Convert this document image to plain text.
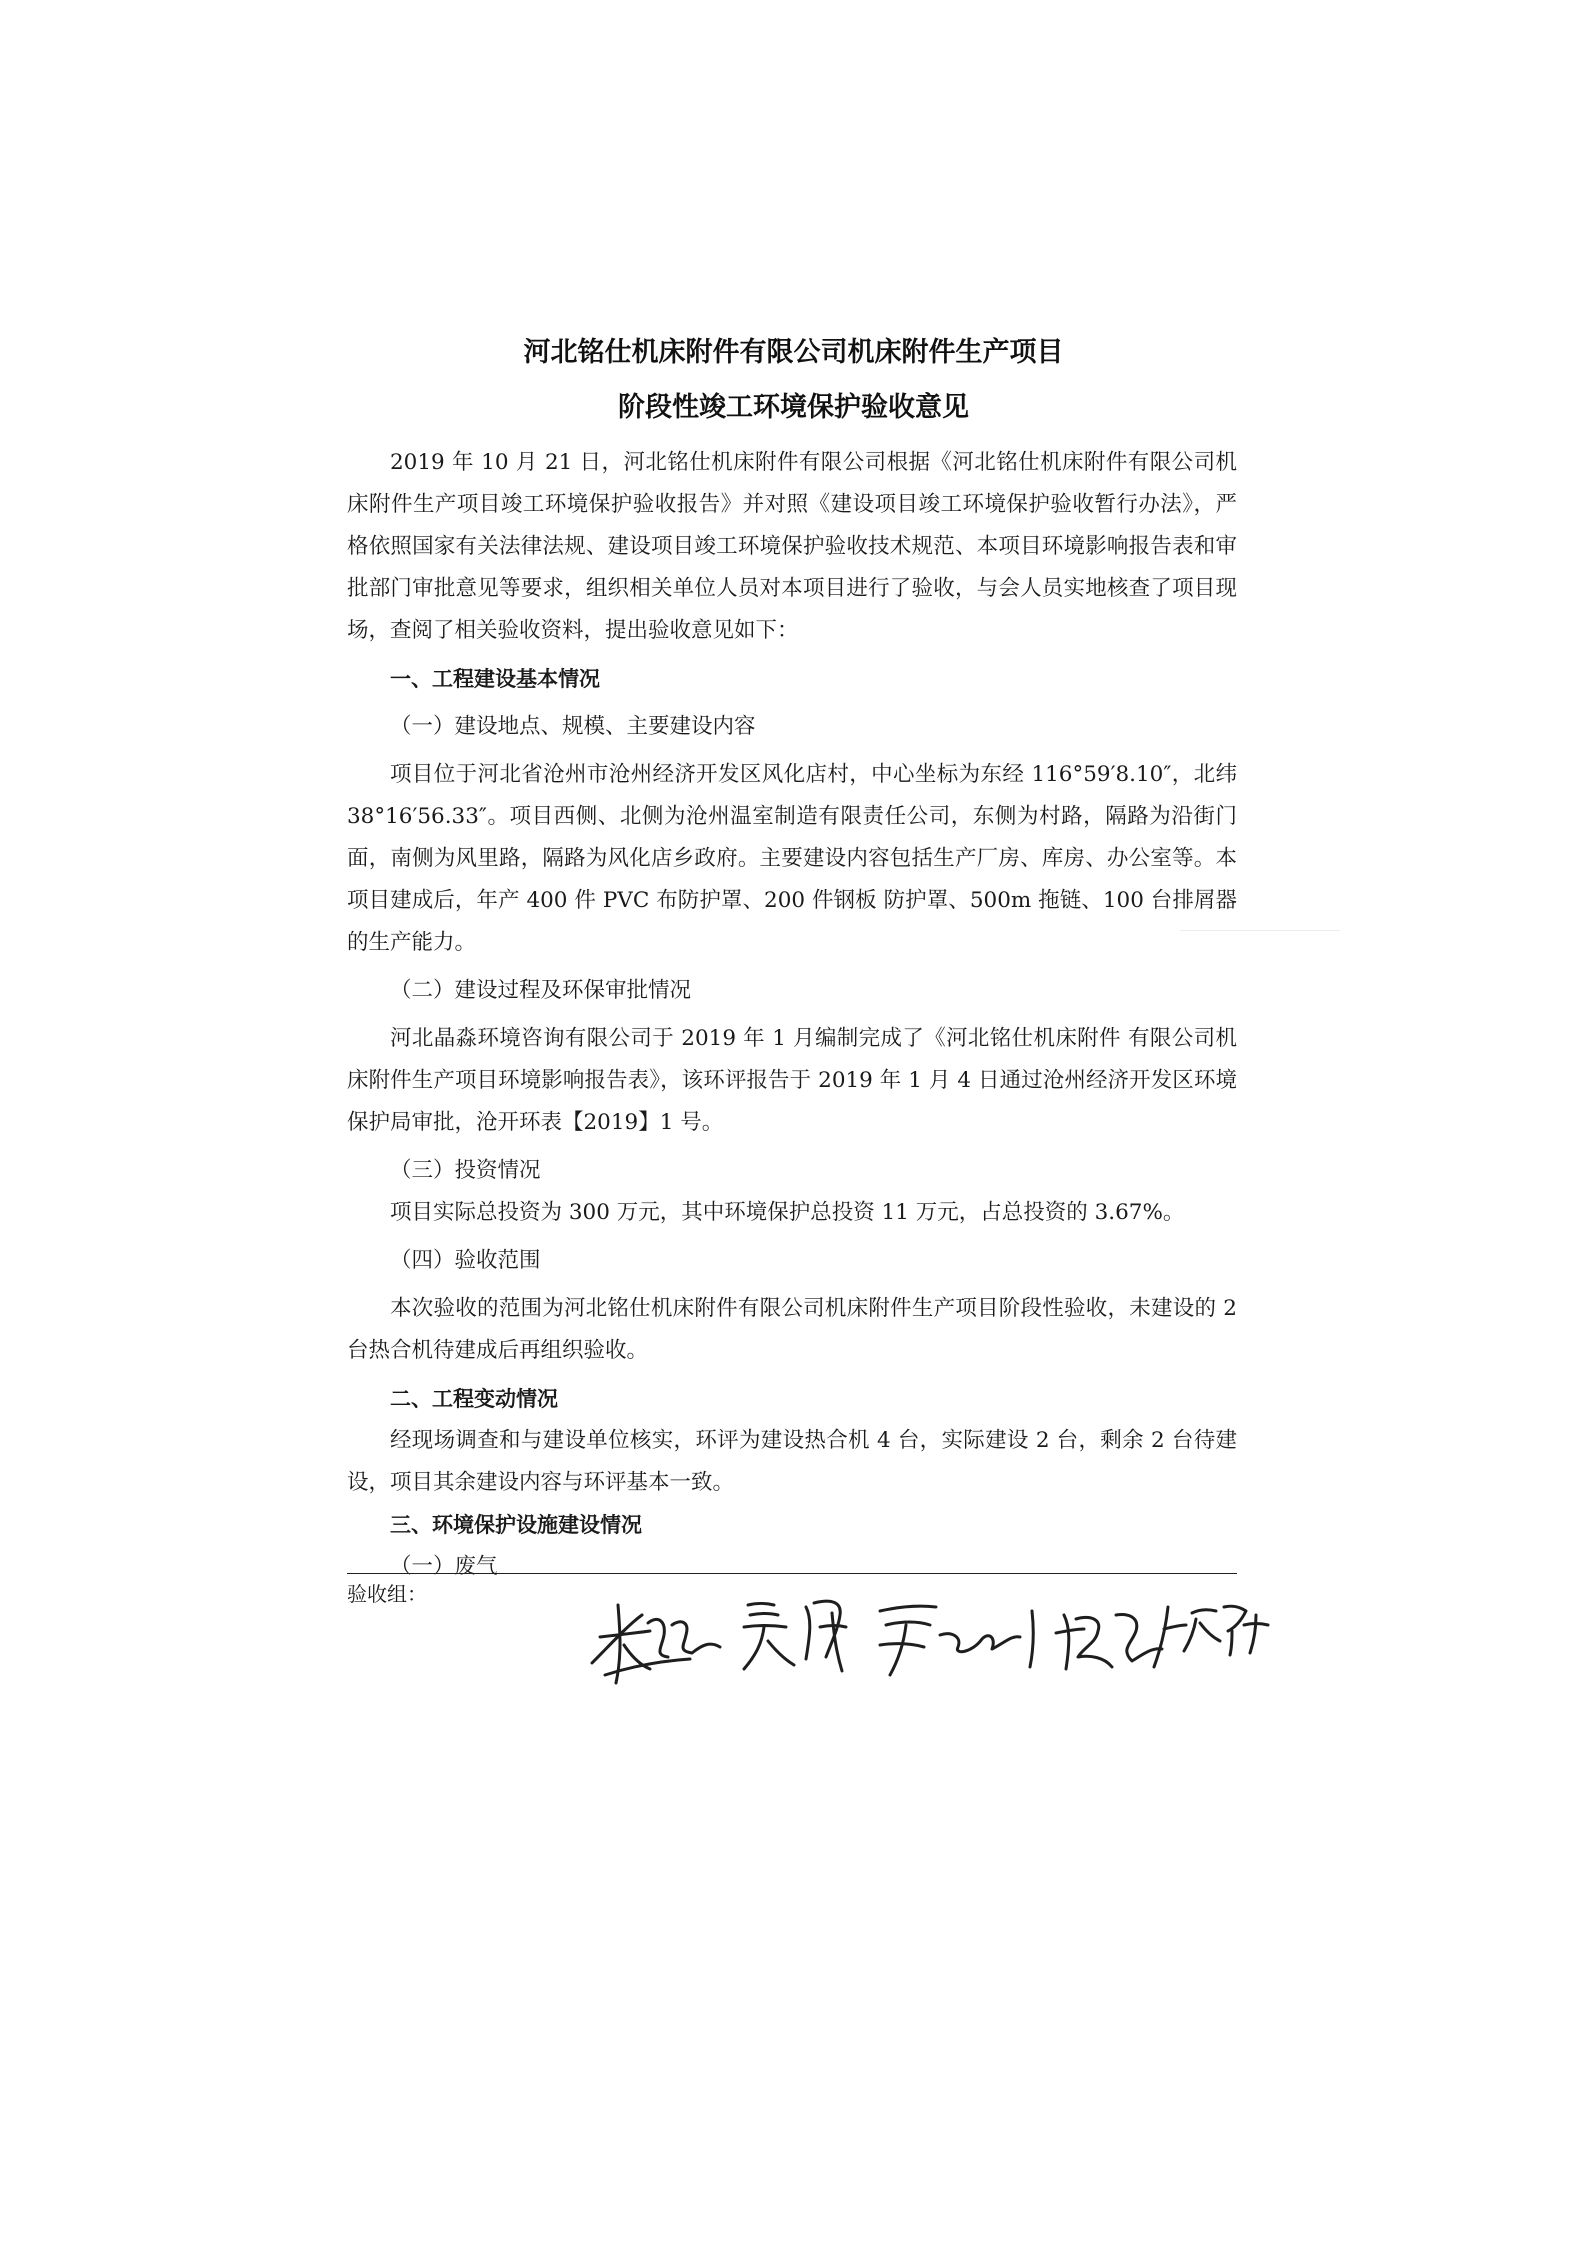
河北铭仕机床附件有限公司机床附件生产项目
阶段性竣工环境保护验收意见

2019 年 10 月 21 日，河北铭仕机床附件有限公司根据《河北铭仕机床附件有限公司机床附件生产项目竣工环境保护验收报告》并对照《建设项目竣工环境保护验收暂行办法》，严格依照国家有关法律法规、建设项目竣工环境保护验收技术规范、本项目环境影响报告表和审批部门审批意见等要求，组织相关单位人员对本项目进行了验收，与会人员实地核查了项目现场，查阅了相关验收资料，提出验收意见如下：

一、工程建设基本情况

（一）建设地点、规模、主要建设内容

项目位于河北省沧州市沧州经济开发区风化店村，中心坐标为东经 116°59′8.10″，北纬 38°16′56.33″。项目西侧、北侧为沧州温室制造有限责任公司，东侧为村路，隔路为沿街门面，南侧为风里路，隔路为风化店乡政府。主要建设内容包括生产厂房、库房、办公室等。本项目建成后，年产 400 件 PVC 布防护罩、200 件钢板 防护罩、500m 拖链、100 台排屑器的生产能力。

（二）建设过程及环保审批情况

河北晶淼环境咨询有限公司于 2019 年 1 月编制完成了《河北铭仕机床附件 有限公司机床附件生产项目环境影响报告表》，该环评报告于 2019 年 1 月 4 日通过沧州经济开发区环境保护局审批，沧开环表【2019】1 号。

（三）投资情况

项目实际总投资为 300 万元，其中环境保护总投资 11 万元，占总投资的 3.67%。

（四）验收范围

本次验收的范围为河北铭仕机床附件有限公司机床附件生产项目阶段性验收，未建设的 2 台热合机待建成后再组织验收。

二、工程变动情况

经现场调查和与建设单位核实，环评为建设热合机 4 台，实际建设 2 台，剩余 2 台待建设，项目其余建设内容与环评基本一致。

三、环境保护设施建设情况

（一）废气

验收组：
